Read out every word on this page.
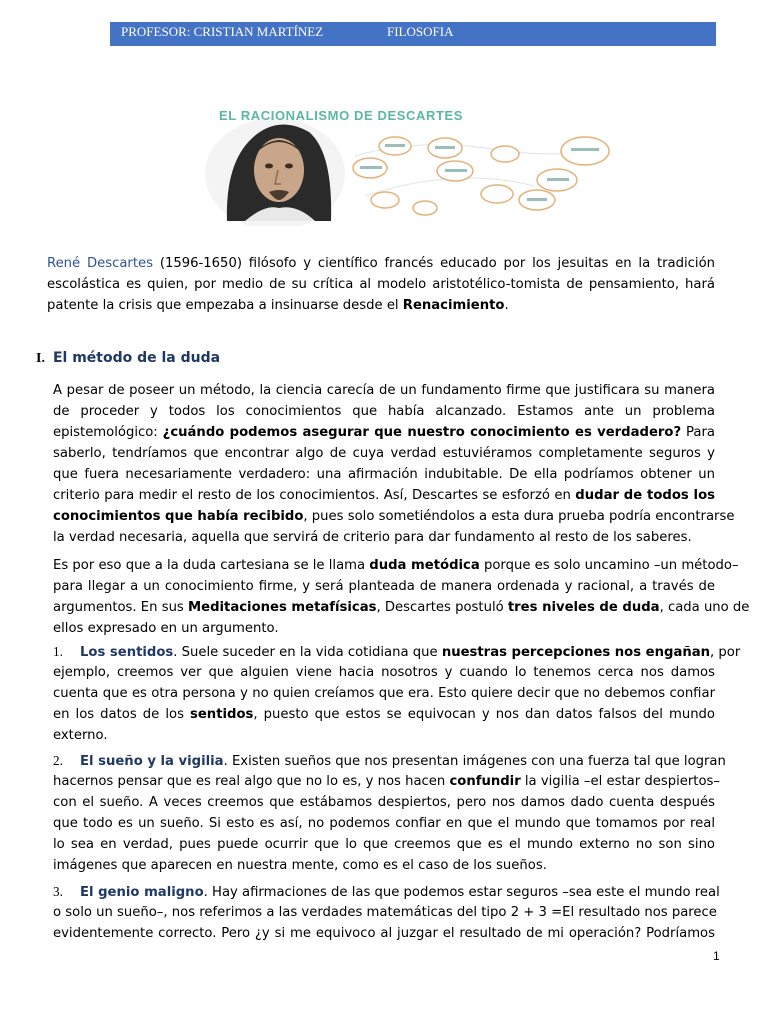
PROFESOR: CRISTIAN MARTÍNEZ	FILOSOFIA
EL RACIONALISMO DE DESCARTES
René Descartes (1596-1650) filósofo y científico francés educado por los jesuitas en la tradición
escolástica es quien, por medio de su crítica al modelo aristotélico-tomista de pensamiento, hará
patente la crisis que empezaba a insinuarse desde el Renacimiento.
I. El método de la duda
A pesar de poseer un método, la ciencia carecía de un fundamento firme que justificara su manera
de proceder y todos los conocimientos que había alcanzado. Estamos ante un problema
epistemológico: ¿cuándo podemos asegurar que nuestro conocimiento es verdadero? Para
saberlo, tendríamos que encontrar algo de cuya verdad estuviéramos completamente seguros y
que fuera necesariamente verdadero: una afirmación indubitable. De ella podríamos obtener un
criterio para medir el resto de los conocimientos. Así, Descartes se esforzó en dudar de todos los
conocimientos que había recibido, pues solo sometiéndolos a esta dura prueba podría encontrarse
la verdad necesaria, aquella que servirá de criterio para dar fundamento al resto de los saberes.
Es por eso que a la duda cartesiana se le llama duda metódica porque es solo uncamino –un método–
para llegar a un conocimiento firme, y será planteada de manera ordenada y racional, a través de
argumentos. En sus Meditaciones metafísicas, Descartes postuló tres niveles de duda, cada uno de
ellos expresado en un argumento.
1. Los sentidos. Suele suceder en la vida cotidiana que nuestras percepciones nos engañan, por
ejemplo, creemos ver que alguien viene hacia nosotros y cuando lo tenemos cerca nos damos
cuenta que es otra persona y no quien creíamos que era. Esto quiere decir que no debemos confiar
en los datos de los sentidos, puesto que estos se equivocan y nos dan datos falsos del mundo
externo.
2. El sueño y la vigilia. Existen sueños que nos presentan imágenes con una fuerza tal que logran
hacernos pensar que es real algo que no lo es, y nos hacen confundir la vigilia –el estar despiertos–
con el sueño. A veces creemos que estábamos despiertos, pero nos damos dado cuenta después
que todo es un sueño. Si esto es así, no podemos confiar en que el mundo que tomamos por real
lo sea en verdad, pues puede ocurrir que lo que creemos que es el mundo externo no son sino
imágenes que aparecen en nuestra mente, como es el caso de los sueños.
3. El genio maligno. Hay afirmaciones de las que podemos estar seguros –sea este el mundo real
o solo un sueño–, nos referimos a las verdades matemáticas del tipo 2 + 3 =El resultado nos parece
evidentemente correcto. Pero ¿y si me equivoco al juzgar el resultado de mi operación? Podríamos
1
